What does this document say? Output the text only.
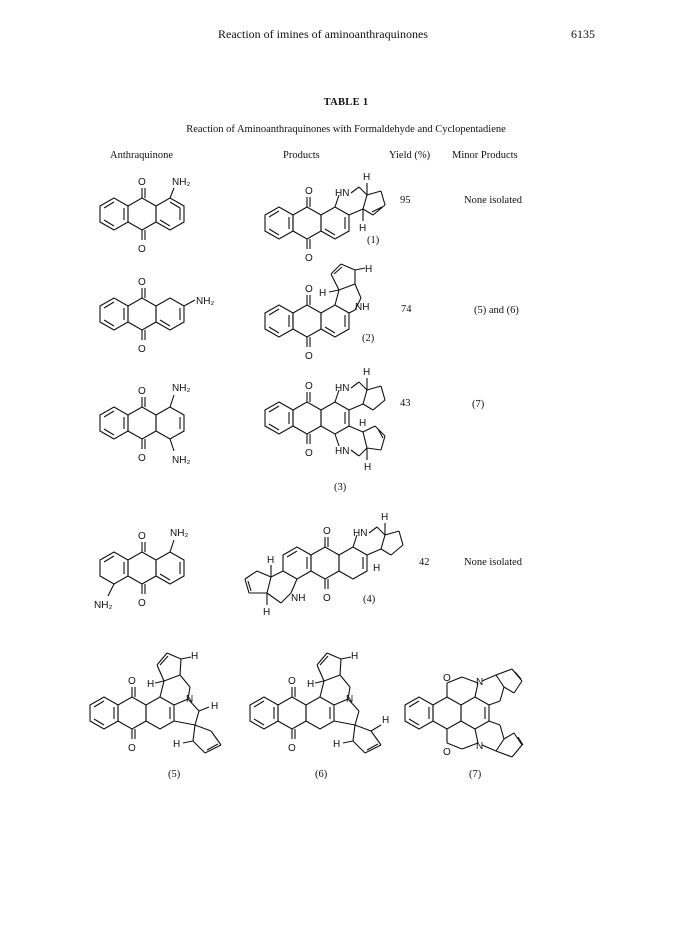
Reaction of imines of aminoanthraquinones	6135
TABLE 1
Reaction of Aminoanthraquinones with Formaldehyde and Cyclopentadiene
Anthraquinone	Products	Yield (%) Minor Products
O
O
NH₂
O
O
HN
H
H
(1)
95	None isolated
O
O
NH₂
O
O
NH
H
H
(2)
74	(5) and (6)
O
O
NH₂
NH₂
O
O
HN
HN
H
H
H
(3)
43	(7)
O
O
NH₂
NH₂
O
O
HN
NH
H
H
H
H
(4)
42	None isolated
O
O
N
H
H
H
H
(5)
O
O
N
H
H
H
H
(6)
O
O
N
N
(7)
